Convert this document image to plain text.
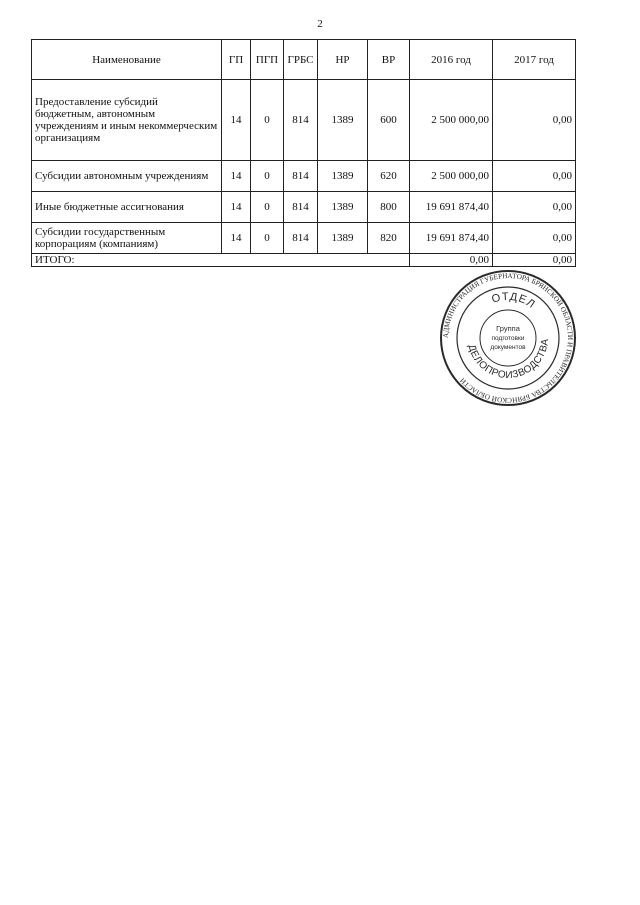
2
Наименование	ГП	ПГП	ГРБС	НР	ВР	2016 год	2017 год
Предоставление субсидий бюджетным, автономным учреждениям и иным некоммерческим организациям	14	0	814	1389	600	2 500 000,00	0,00
Субсидии автономным учреждениям	14	0	814	1389	620	2 500 000,00	0,00
Иные бюджетные ассигнования	14	0	814	1389	800	19 691 874,40	0,00
Субсидии государственным корпорациям (компаниям)	14	0	814	1389	820	19 691 874,40	0,00
ИТОГО:						0,00	0,00
АДМИНИСТРАЦИЯ ГУБЕРНАТОРА БРЯНСКОЙ ОБЛАСТИ И ПРАВИТЕЛЬСТВА БРЯНСКОЙ ОБЛАСТИ
ОТДЕЛ
ДЕЛОПРОИЗВОДСТВА
Группа
подготовки
документов
